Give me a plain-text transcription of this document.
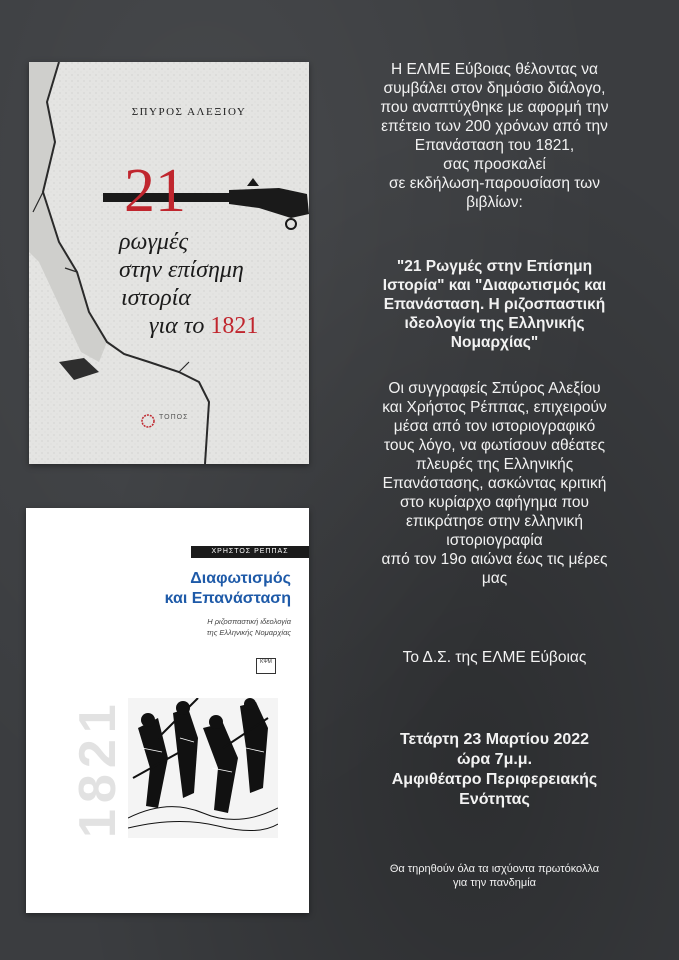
ΣΠΥΡΟΣ ΑΛΕΞΙΟΥ
21
ρωγμές
στην επίσημη
ιστορία
για το 1821
ΤΟΠΟΣ
1821
ΧΡΗΣΤΟΣ ΡΕΠΠΑΣ
Διαφωτισμός
και Επανάσταση
Η ριζοσπαστική ιδεολογία
της Ελληνικής Νομαρχίας
ΚΨΜ
Η ΕΛΜΕ Εύβοιας θέλοντας να
συμβάλει στον δημόσιο διάλογο,
που αναπτύχθηκε με αφορμή την
επέτειο των 200 χρόνων από την
Επανάσταση του 1821,
σας προσκαλεί
σε εκδήλωση-παρουσίαση των
βιβλίων:
"21 Ρωγμές στην Επίσημη
Ιστορία" και "Διαφωτισμός και
Επανάσταση. Η ριζοσπαστική
ιδεολογία της Ελληνικής
Νομαρχίας"
Οι συγγραφείς Σπύρος Αλεξίου
και Χρήστος Ρέππας, επιχειρούν
μέσα από τον ιστοριογραφικό
τους λόγο, να φωτίσουν αθέατες
πλευρές της Ελληνικής
Επανάστασης, ασκώντας κριτική
στο κυρίαρχο αφήγημα που
επικράτησε στην ελληνική
ιστοριογραφία
από τον 19ο αιώνα έως τις μέρες
μας
Το Δ.Σ. της ΕΛΜΕ Εύβοιας
Τετάρτη 23 Μαρτίου 2022
ώρα 7μ.μ.
Αμφιθέατρο Περιφερειακής
Ενότητας
Θα τηρηθούν όλα τα ισχύοντα πρωτόκολλα
για την πανδημία
